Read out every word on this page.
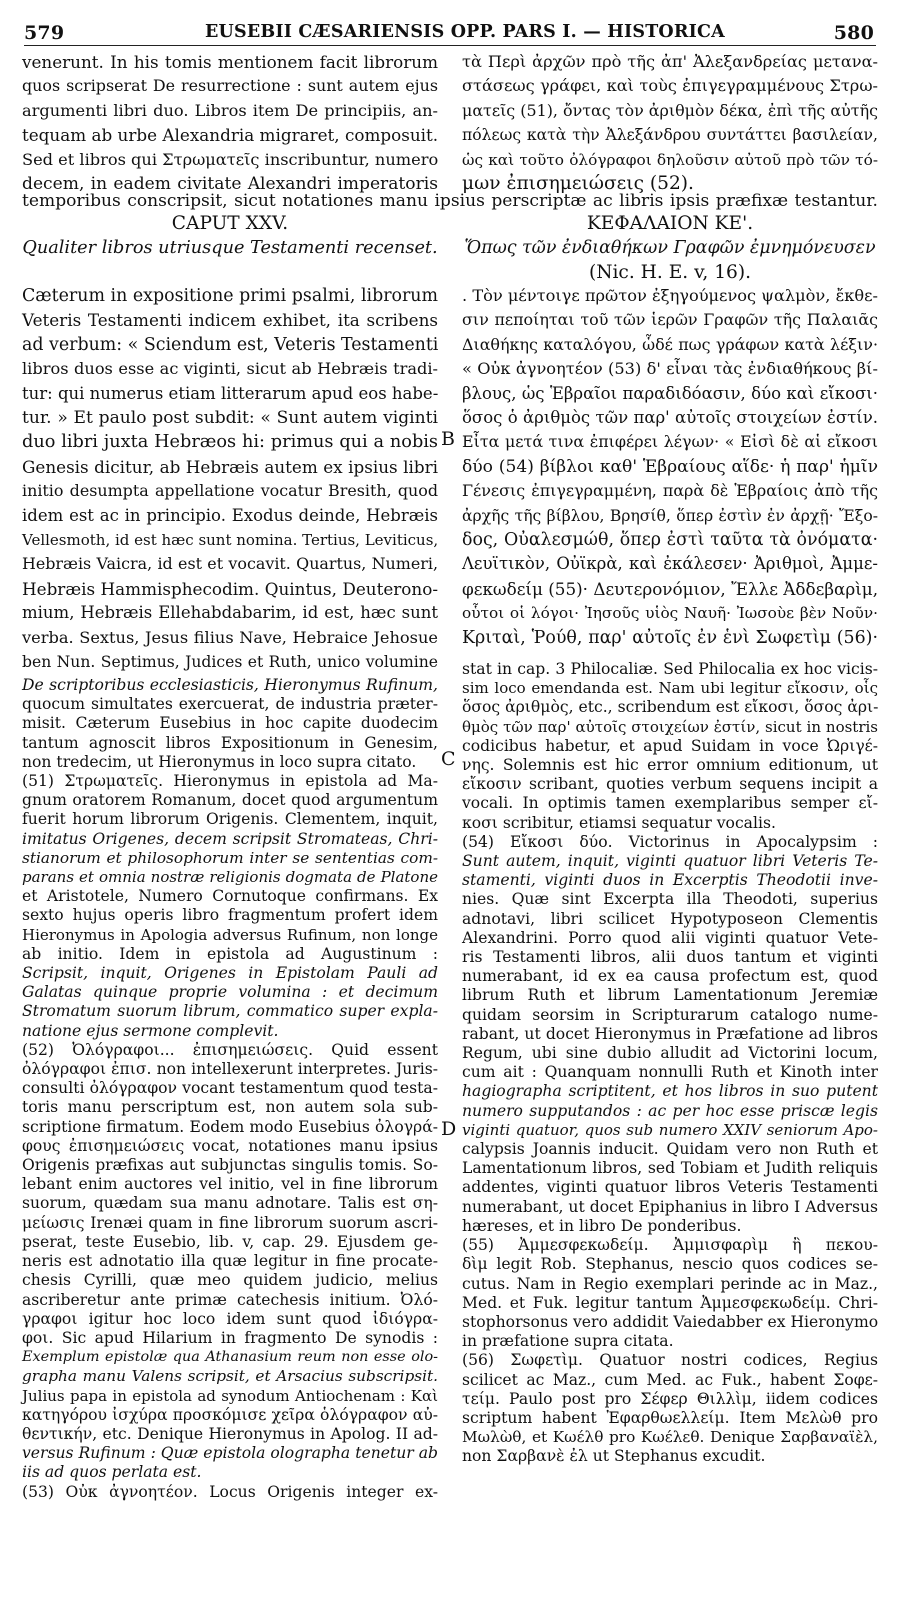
579	EUSEBII CÆSARIENSIS OPP. PARS I. — HISTORICA	580
venerunt. In his tomis mentionem facit librorum
quos scripserat De resurrectione : sunt autem ejus
argumenti libri duo. Libros item De principiis, an-
tequam ab urbe Alexandria migraret, composuit.
Sed et libros qui Στρωματεῖς inscribuntur, numero
decem, in eadem civitate Alexandri imperatoris
τὰ Περὶ ἀρχῶν πρὸ τῆς ἀπ' Ἀλεξανδρείας μετανα-
στάσεως γράφει, καὶ τοὺς ἐπιγεγραμμένους Στρω-
ματεῖς (51), ὄντας τὸν ἀριθμὸν δέκα, ἐπὶ τῆς αὐτῆς
πόλεως κατὰ τὴν Ἀλεξάνδρου συντάττει βασιλείαν,
ὡς καὶ τοῦτο ὀλόγραφοι δηλοῦσιν αὐτοῦ πρὸ τῶν τό-
μων ἐπισημειώσεις (52).
temporibus conscripsit, sicut notationes manu ipsius perscriptæ ac libris ipsis præfixæ testantur.
CAPUT XXV.
Qualiter libros utriusque Testamenti recenset.
ΚΕΦΑΛΑΙΟΝ ΚΕ'.
Ὅπως τῶν ἐνδιαθήκων Γραφῶν ἐμνημόνευσεν
(Nic. H. E. v, 16).
Cæterum in expositione primi psalmi, librorum
Veteris Testamenti indicem exhibet, ita scribens
ad verbum: « Sciendum est, Veteris Testamenti
libros duos esse ac viginti, sicut ab Hebræis tradi-
tur: qui numerus etiam litterarum apud eos habe-
tur. » Et paulo post subdit: « Sunt autem viginti
duo libri juxta Hebræos hi: primus qui a nobis
Genesis dicitur, ab Hebræis autem ex ipsius libri
initio desumpta appellatione vocatur Bresith, quod
idem est ac in principio. Exodus deinde, Hebræis
Vellesmoth, id est hæc sunt nomina. Tertius, Leviticus,
Hebræis Vaicra, id est et vocavit. Quartus, Numeri,
Hebræis Hammisphecodim. Quintus, Deuterono-
mium, Hebræis Ellehabdabarim, id est, hæc sunt
verba. Sextus, Jesus filius Nave, Hebraice Jehosue
ben Nun. Septimus, Judices et Ruth, unico volumine
. Τὸν μέντοιγε πρῶτον ἐξηγούμενος ψαλμὸν, ἔκθε-
σιν πεποίηται τοῦ τῶν ἱερῶν Γραφῶν τῆς Παλαιᾶς
Διαθήκης καταλόγου, ὧδέ πως γράφων κατὰ λέξιν·
« Οὐκ ἀγνοητέον (53) δ' εἶναι τὰς ἐνδιαθήκους βί-
βλους, ὡς Ἑβραῖοι παραδιδόασιν, δύο καὶ εἴκοσι·
ὅσος ὁ ἀριθμὸς τῶν παρ' αὐτοῖς στοιχείων ἐστίν.
Εἶτα μετά τινα ἐπιφέρει λέγων· « Εἰσὶ δὲ αἱ εἴκοσι
δύο (54) βίβλοι καθ' Ἑβραίους αἵδε· ἡ παρ' ἡμῖν
Γένεσις ἐπιγεγραμμένη, παρὰ δὲ Ἑβραίοις ἀπὸ τῆς
ἀρχῆς τῆς βίβλου, Βρησίθ, ὅπερ ἐστὶν ἐν ἀρχῇ· Ἔξο-
δος, Οὐαλεσμώθ, ὅπερ ἐστὶ ταῦτα τὰ ὀνόματα·
Λευϊτικὸν, Οὐϊκρὰ, καὶ ἐκάλεσεν· Ἀριθμοὶ, Ἀμμε-
φεκωδείμ (55)· Δευτερονόμιον, Ἔλλε Ἀδδεβαρὶμ,
οὗτοι οἱ λόγοι· Ἰησοῦς υἱὸς Ναυῆ· Ἰωσοὺε βὲν Νοῦν·
Κριταὶ, Ῥούθ, παρ' αὐτοῖς ἐν ἑνὶ Σωφετὶμ (56)·
B
C
D
De scriptoribus ecclesiasticis, Hieronymus Rufinum,
quocum simultates exercuerat, de industria præter-
misit. Cæterum Eusebius in hoc capite duodecim
tantum agnoscit libros Expositionum in Genesim,
non tredecim, ut Hieronymus in loco supra citato.
(51) Στρωματεῖς. Hieronymus in epistola ad Ma-
gnum oratorem Romanum, docet quod argumentum
fuerit horum librorum Origenis. Clementem, inquit,
imitatus Origenes, decem scripsit Stromateas, Chri-
stianorum et philosophorum inter se sententias com-
parans et omnia nostræ religionis dogmata de Platone
et Aristotele, Numero Cornutoque confirmans. Ex
sexto hujus operis libro fragmentum profert idem
Hieronymus in Apologia adversus Rufinum, non longe
ab initio. Idem in epistola ad Augustinum :
Scripsit, inquit, Origenes in Epistolam Pauli ad
Galatas quinque proprie volumina : et decimum
Stromatum suorum librum, commatico super expla-
natione ejus sermone complevit.
(52) Ὀλόγραφοι... ἐπισημειώσεις. Quid essent
ὀλόγραφοι ἐπισ. non intellexerunt interpretes. Juris-
consulti ὀλόγραφον vocant testamentum quod testa-
toris manu perscriptum est, non autem sola sub-
scriptione firmatum. Eodem modo Eusebius ὀλογρά-
φους ἐπισημειώσεις vocat, notationes manu ipsius
Origenis præfixas aut subjunctas singulis tomis. So-
lebant enim auctores vel initio, vel in fine librorum
suorum, quædam sua manu adnotare. Talis est ση-
μείωσις Irenæi quam in fine librorum suorum ascri-
pserat, teste Eusebio, lib. v, cap. 29. Ejusdem ge-
neris est adnotatio illa quæ legitur in fine procate-
chesis Cyrilli, quæ meo quidem judicio, melius
ascriberetur ante primæ catechesis initium. Ὀλό-
γραφοι igitur hoc loco idem sunt quod ἰδιόγρα-
φοι. Sic apud Hilarium in fragmento De synodis :
Exemplum epistolæ qua Athanasium reum non esse olo-
grapha manu Valens scripsit, et Arsacius subscripsit.
Julius papa in epistola ad synodum Antiochenam : Καὶ
κατηγόρου ἰσχύρα προσκόμισε χεῖρα ὁλόγραφον αὐ-
θεντικήν, etc. Denique Hieronymus in Apolog. II ad-
versus Rufinum : Quæ epistola olographa tenetur ab
iis ad quos perlata est.
(53) Οὐκ ἀγνοητέον. Locus Origenis integer ex-
stat in cap. 3 Philocaliæ. Sed Philocalia ex hoc vicis-
sim loco emendanda est. Nam ubi legitur εἴκοσιν, οἷς
ὅσος ἀριθμὸς, etc., scribendum est εἴκοσι, ὅσος ἀρι-
θμὸς τῶν παρ' αὐτοῖς στοιχείων ἐστίν, sicut in nostris
codicibus habetur, et apud Suidam in voce Ὠριγέ-
νης. Solemnis est hic error omnium editionum, ut
εἴκοσιν scribant, quoties verbum sequens incipit a
vocali. In optimis tamen exemplaribus semper εἴ-
κοσι scribitur, etiamsi sequatur vocalis.
(54) Εἴκοσι δύο. Victorinus in Apocalypsim :
Sunt autem, inquit, viginti quatuor libri Veteris Te-
stamenti, viginti duos in Excerptis Theodotii inve-
nies. Quæ sint Excerpta illa Theodoti, superius
adnotavi, libri scilicet Hypotyposeon Clementis
Alexandrini. Porro quod alii viginti quatuor Vete-
ris Testamenti libros, alii duos tantum et viginti
numerabant, id ex ea causa profectum est, quod
librum Ruth et librum Lamentationum Jeremiæ
quidam seorsim in Scripturarum catalogo nume-
rabant, ut docet Hieronymus in Præfatione ad libros
Regum, ubi sine dubio alludit ad Victorini locum,
cum ait : Quanquam nonnulli Ruth et Kinoth inter
hagiographa scriptitent, et hos libros in suo putent
numero supputandos : ac per hoc esse priscæ legis
viginti quatuor, quos sub numero XXIV seniorum Apo-
calypsis Joannis inducit. Quidam vero non Ruth et
Lamentationum libros, sed Tobiam et Judith reliquis
addentes, viginti quatuor libros Veteris Testamenti
numerabant, ut docet Epiphanius in libro I Adversus
hæreses, et in libro De ponderibus.
(55) Ἀμμεσφεκωδείμ. Ἀμμισφαρὶμ ἢ πεκου-
δὶμ legit Rob. Stephanus, nescio quos codices se-
cutus. Nam in Regio exemplari perinde ac in Maz.,
Med. et Fuk. legitur tantum Ἀμμεσφεκωδείμ. Chri-
stophorsonus vero addidit Vaiedabber ex Hieronymo
in præfatione supra citata.
(56) Σωφετὶμ. Quatuor nostri codices, Regius
scilicet ac Maz., cum Med. ac Fuk., habent Σοφε-
τείμ. Paulo post pro Σέφερ Θιλλὶμ, iidem codices
scriptum habent Ἐφαρθωελλείμ. Item Μελὼθ pro
Μωλὼθ, et Κωέλθ pro Κωέλεθ. Denique Σαρβαναϊὲλ,
non Σαρβανὲ ἐλ ut Stephanus excudit.
